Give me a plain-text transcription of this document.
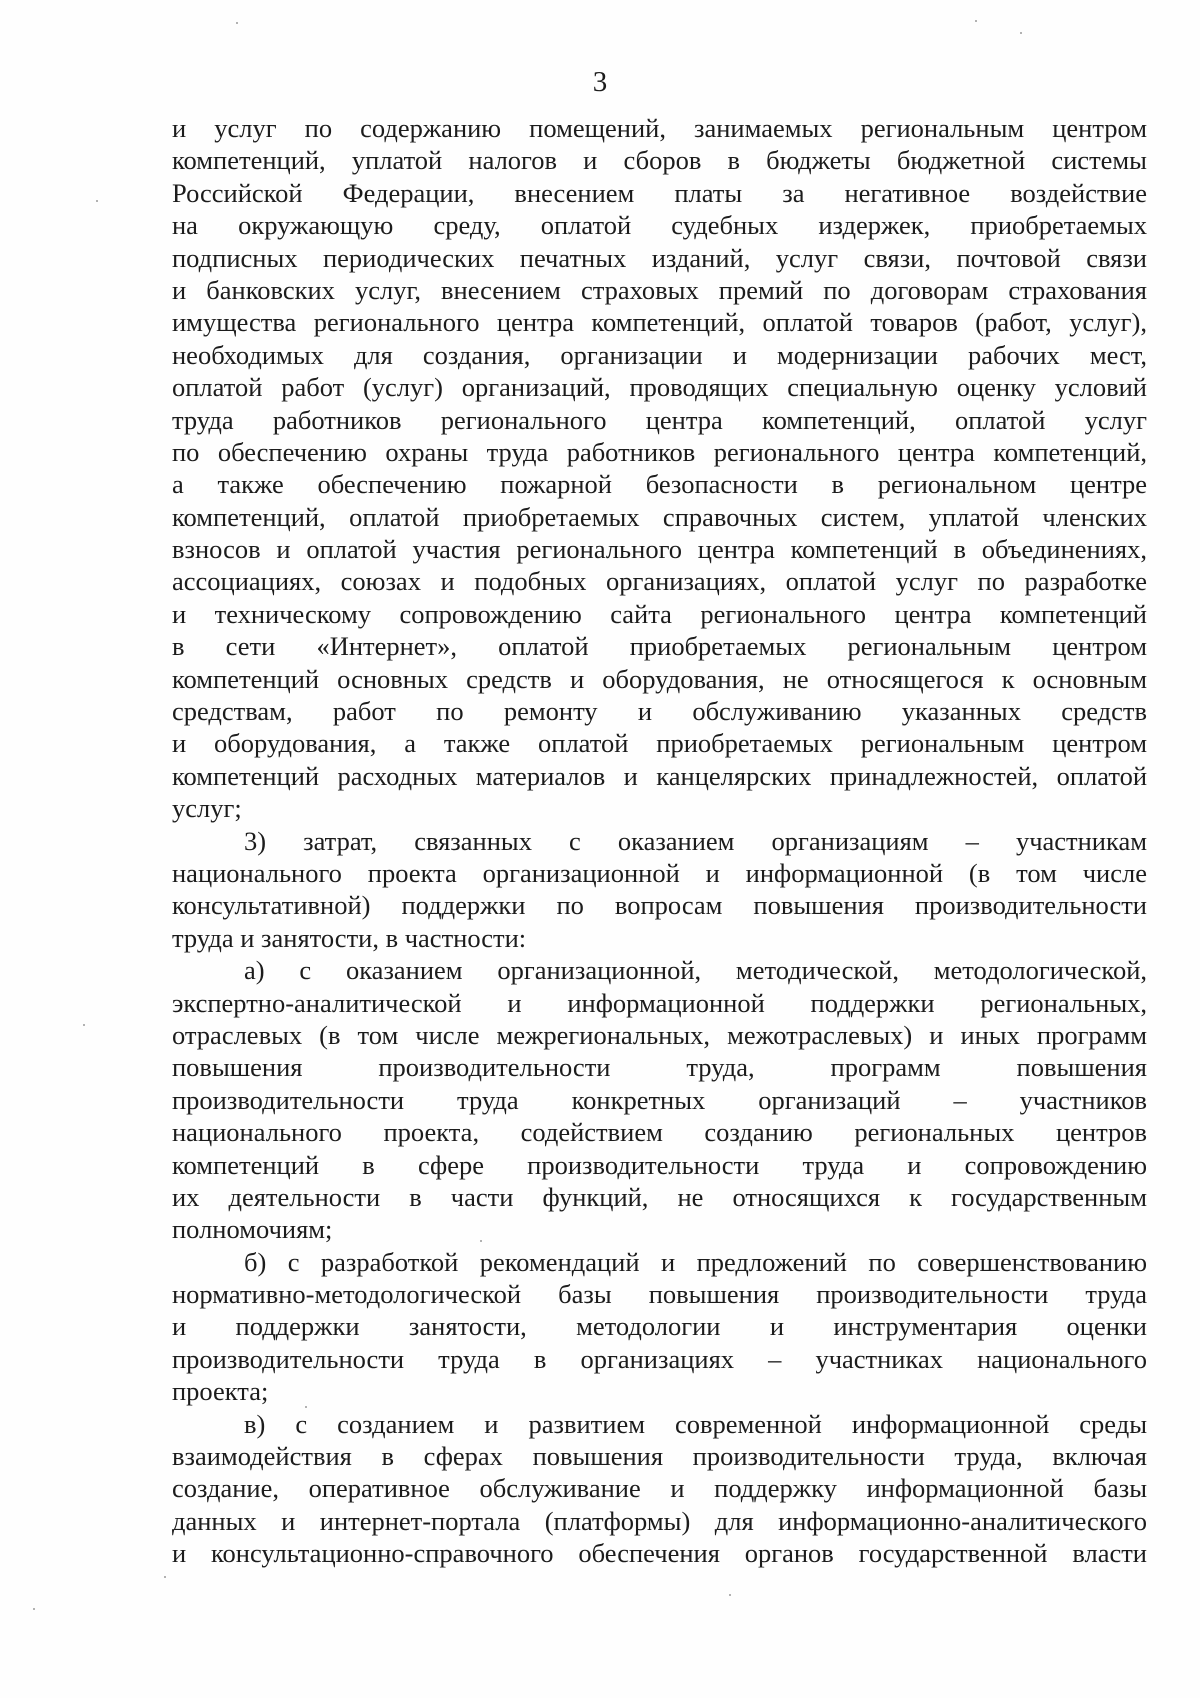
3
и услуг по содержанию помещений, занимаемых региональным центром
компетенций, уплатой налогов и сборов в бюджеты бюджетной системы
Российской Федерации, внесением платы за негативное воздействие
на окружающую среду, оплатой судебных издержек, приобретаемых
подписных периодических печатных изданий, услуг связи, почтовой связи
и банковских услуг, внесением страховых премий по договорам страхования
имущества регионального центра компетенций, оплатой товаров (работ, услуг),
необходимых для создания, организации и модернизации рабочих мест,
оплатой работ (услуг) организаций, проводящих специальную оценку условий
труда работников регионального центра компетенций, оплатой услуг
по обеспечению охраны труда работников регионального центра компетенций,
а также обеспечению пожарной безопасности в региональном центре
компетенций, оплатой приобретаемых справочных систем, уплатой членских
взносов и оплатой участия регионального центра компетенций в объединениях,
ассоциациях, союзах и подобных организациях, оплатой услуг по разработке
и техническому сопровождению сайта регионального центра компетенций
в сети «Интернет», оплатой приобретаемых региональным центром
компетенций основных средств и оборудования, не относящегося к основным
средствам, работ по ремонту и обслуживанию указанных средств
и оборудования, а также оплатой приобретаемых региональным центром
компетенций расходных материалов и канцелярских принадлежностей, оплатой
услуг;
3) затрат, связанных с оказанием организациям – участникам
национального проекта организационной и информационной (в том числе
консультативной) поддержки по вопросам повышения производительности
труда и занятости, в частности:
а) с оказанием организационной, методической, методологической,
экспертно-аналитической и информационной поддержки региональных,
отраслевых (в том числе межрегиональных, межотраслевых) и иных программ
повышения производительности труда, программ повышения
производительности труда конкретных организаций – участников
национального проекта, содействием созданию региональных центров
компетенций в сфере производительности труда и сопровождению
их деятельности в части функций, не относящихся к государственным
полномочиям;
б) с разработкой рекомендаций и предложений по совершенствованию
нормативно-методологической базы повышения производительности труда
и поддержки занятости, методологии и инструментария оценки
производительности труда в организациях – участниках национального
проекта;
в) с созданием и развитием современной информационной среды
взаимодействия в сферах повышения производительности труда, включая
создание, оперативное обслуживание и поддержку информационной базы
данных и интернет-портала (платформы) для информационно-аналитического
и консультационно-справочного обеспечения органов государственной власти
